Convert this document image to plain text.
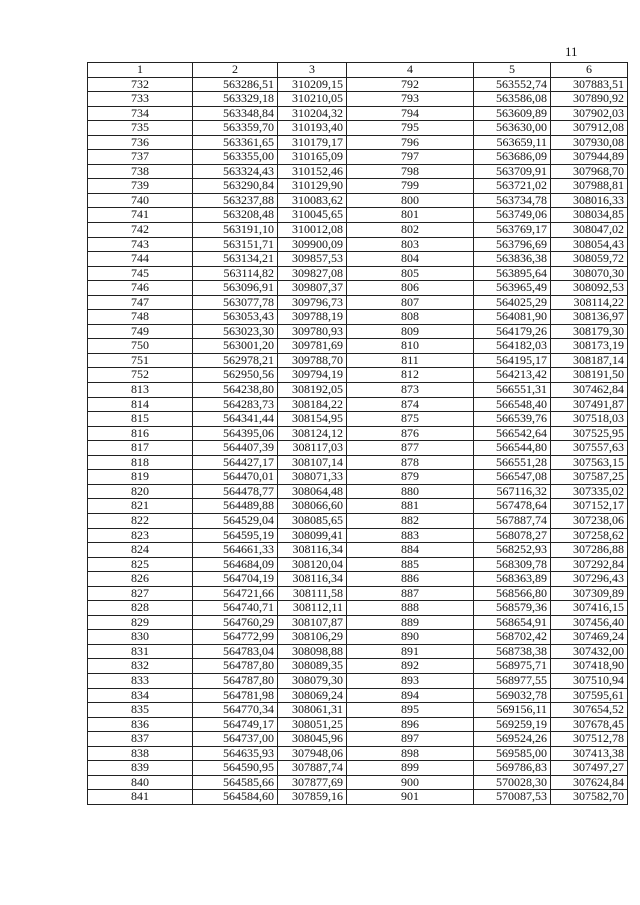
11
1	2	3	4	5	6
732	563286,51	310209,15	792	563552,74	307883,51
733	563329,18	310210,05	793	563586,08	307890,92
734	563348,84	310204,32	794	563609,89	307902,03
735	563359,70	310193,40	795	563630,00	307912,08
736	563361,65	310179,17	796	563659,11	307930,08
737	563355,00	310165,09	797	563686,09	307944,89
738	563324,43	310152,46	798	563709,91	307968,70
739	563290,84	310129,90	799	563721,02	307988,81
740	563237,88	310083,62	800	563734,78	308016,33
741	563208,48	310045,65	801	563749,06	308034,85
742	563191,10	310012,08	802	563769,17	308047,02
743	563151,71	309900,09	803	563796,69	308054,43
744	563134,21	309857,53	804	563836,38	308059,72
745	563114,82	309827,08	805	563895,64	308070,30
746	563096,91	309807,37	806	563965,49	308092,53
747	563077,78	309796,73	807	564025,29	308114,22
748	563053,43	309788,19	808	564081,90	308136,97
749	563023,30	309780,93	809	564179,26	308179,30
750	563001,20	309781,69	810	564182,03	308173,19
751	562978,21	309788,70	811	564195,17	308187,14
752	562950,56	309794,19	812	564213,42	308191,50
813	564238,80	308192,05	873	566551,31	307462,84
814	564283,73	308184,22	874	566548,40	307491,87
815	564341,44	308154,95	875	566539,76	307518,03
816	564395,06	308124,12	876	566542,64	307525,95
817	564407,39	308117,03	877	566544,80	307557,63
818	564427,17	308107,14	878	566551,28	307563,15
819	564470,01	308071,33	879	566547,08	307587,25
820	564478,77	308064,48	880	567116,32	307335,02
821	564489,88	308066,60	881	567478,64	307152,17
822	564529,04	308085,65	882	567887,74	307238,06
823	564595,19	308099,41	883	568078,27	307258,62
824	564661,33	308116,34	884	568252,93	307286,88
825	564684,09	308120,04	885	568309,78	307292,84
826	564704,19	308116,34	886	568363,89	307296,43
827	564721,66	308111,58	887	568566,80	307309,89
828	564740,71	308112,11	888	568579,36	307416,15
829	564760,29	308107,87	889	568654,91	307456,40
830	564772,99	308106,29	890	568702,42	307469,24
831	564783,04	308098,88	891	568738,38	307432,00
832	564787,80	308089,35	892	568975,71	307418,90
833	564787,80	308079,30	893	568977,55	307510,94
834	564781,98	308069,24	894	569032,78	307595,61
835	564770,34	308061,31	895	569156,11	307654,52
836	564749,17	308051,25	896	569259,19	307678,45
837	564737,00	308045,96	897	569524,26	307512,78
838	564635,93	307948,06	898	569585,00	307413,38
839	564590,95	307887,74	899	569786,83	307497,27
840	564585,66	307877,69	900	570028,30	307624,84
841	564584,60	307859,16	901	570087,53	307582,70
